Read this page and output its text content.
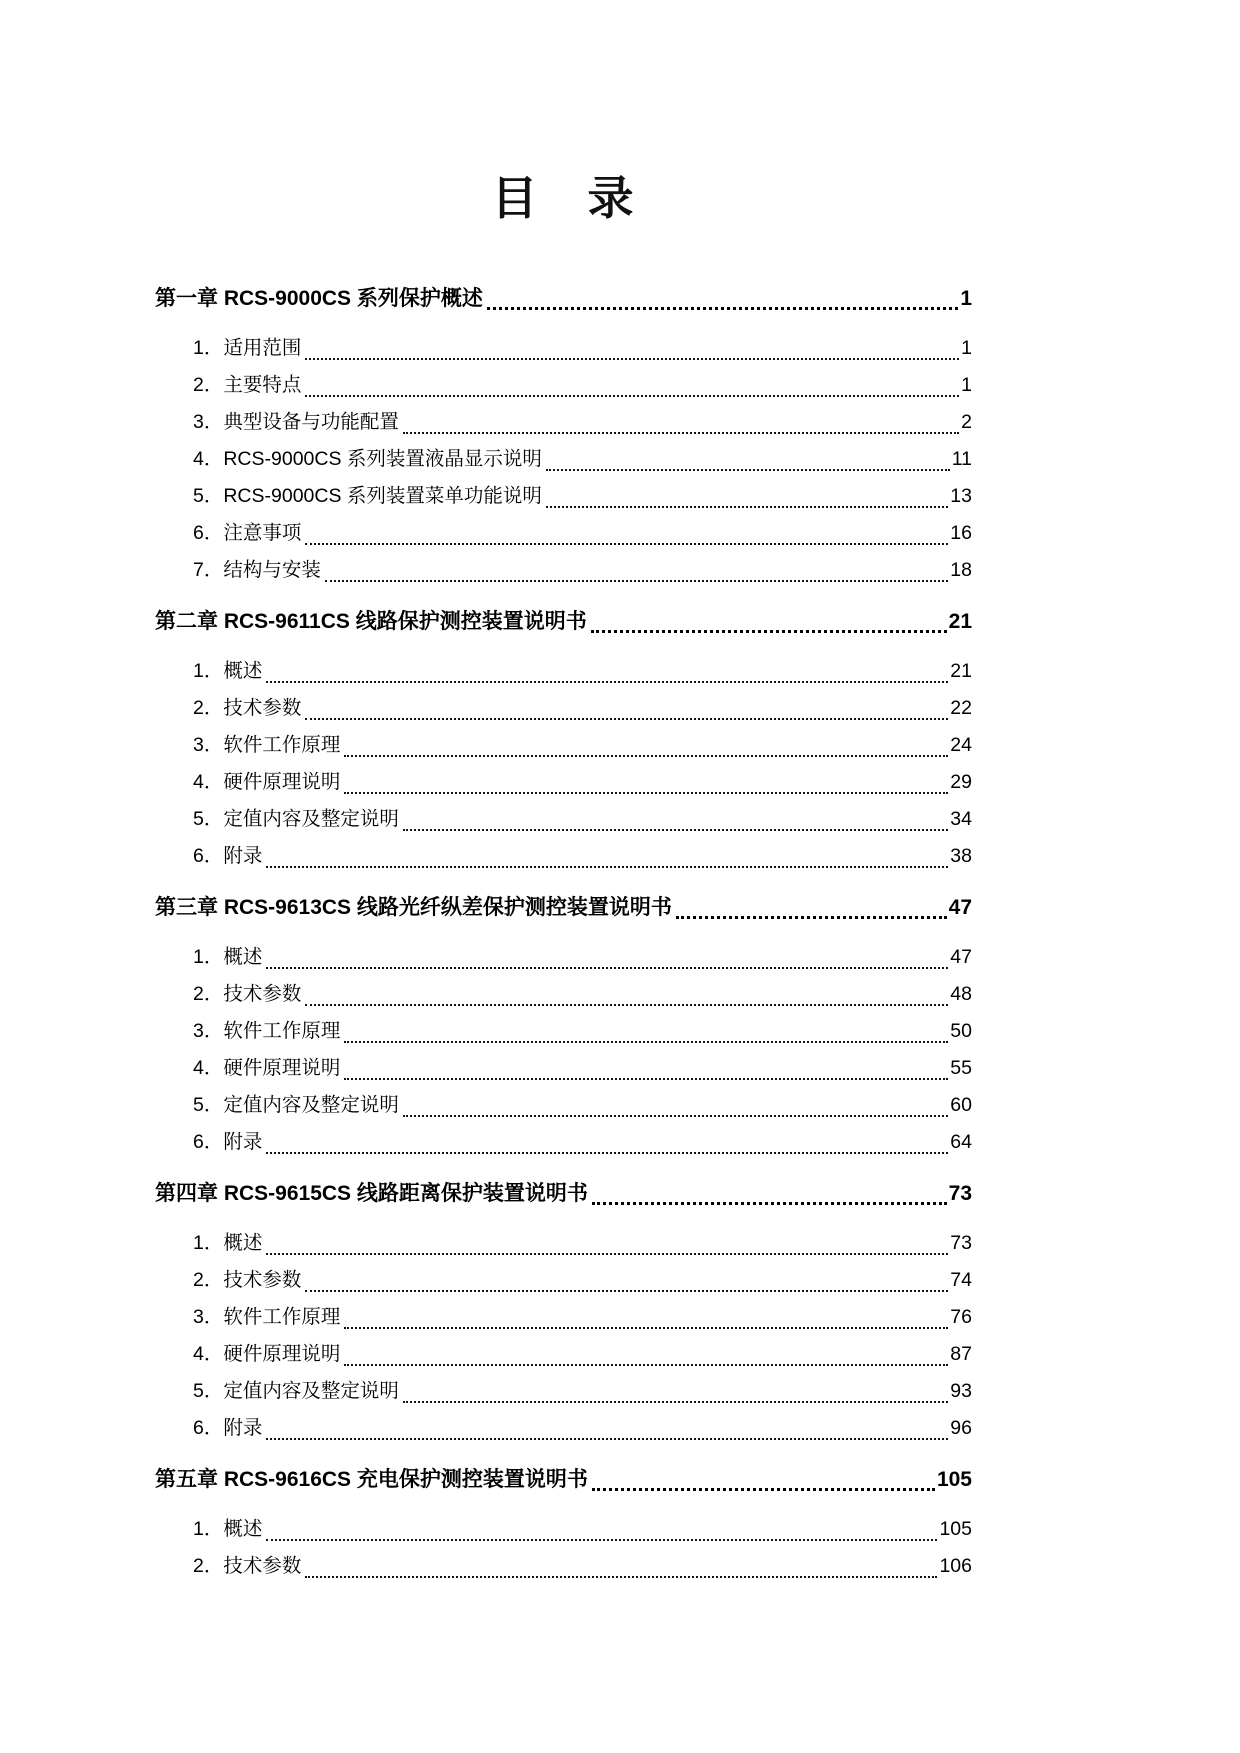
目　录
第一章 RCS-9000CS 系列保护概述	1
1．适用范围	1
2．主要特点	1
3．典型设备与功能配置	2
4．RCS-9000CS 系列装置液晶显示说明	11
5．RCS-9000CS 系列装置菜单功能说明	13
6．注意事项	16
7．结构与安装	18
第二章 RCS-9611CS 线路保护测控装置说明书	21
1．概述	21
2．技术参数	22
3．软件工作原理	24
4．硬件原理说明	29
5．定值内容及整定说明	34
6．附录	38
第三章 RCS-9613CS 线路光纤纵差保护测控装置说明书	47
1．概述	47
2．技术参数	48
3．软件工作原理	50
4．硬件原理说明	55
5．定值内容及整定说明	60
6．附录	64
第四章 RCS-9615CS 线路距离保护装置说明书	73
1．概述	73
2．技术参数	74
3．软件工作原理	76
4．硬件原理说明	87
5．定值内容及整定说明	93
6．附录	96
第五章 RCS-9616CS 充电保护测控装置说明书	105
1．概述	105
2．技术参数	106
